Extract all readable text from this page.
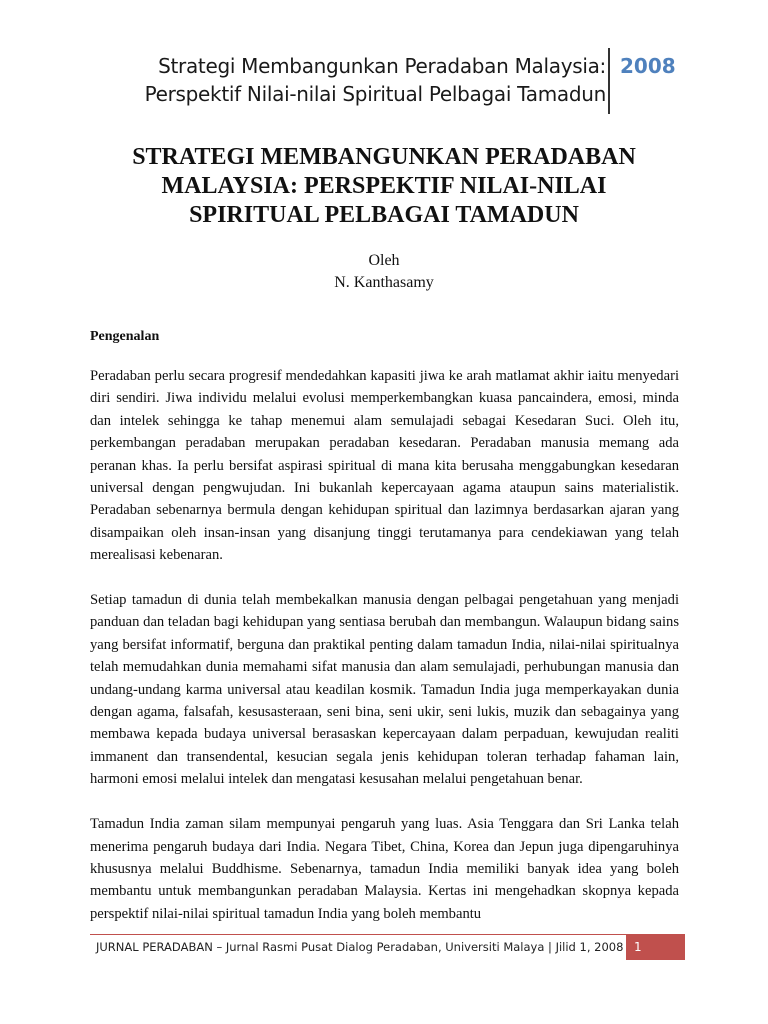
Strategi Membangunkan Peradaban Malaysia:
Perspektif Nilai-nilai Spiritual Pelbagai Tamadun
2008
STRATEGI MEMBANGUNKAN PERADABAN
MALAYSIA: PERSPEKTIF NILAI-NILAI
SPIRITUAL PELBAGAI TAMADUN
Oleh
N. Kanthasamy
Pengenalan

Peradaban perlu secara progresif mendedahkan kapasiti jiwa ke arah matlamat akhir iaitu menyedari diri sendiri. Jiwa individu melalui evolusi memperkembangkan kuasa pancaindera, emosi, minda dan intelek sehingga ke tahap menemui alam semulajadi sebagai Kesedaran Suci. Oleh itu, perkembangan peradaban merupakan peradaban kesedaran. Peradaban manusia memang ada peranan khas. Ia perlu bersifat aspirasi spiritual di mana kita berusaha menggabungkan kesedaran universal dengan pengwujudan. Ini bukanlah kepercayaan agama ataupun sains materialistik. Peradaban sebenarnya bermula dengan kehidupan spiritual dan lazimnya berdasarkan ajaran yang disampaikan oleh insan-insan yang disanjung tinggi terutamanya para cendekiawan yang telah merealisasi kebenaran.

Setiap tamadun di dunia telah membekalkan manusia dengan pelbagai pengetahuan yang menjadi panduan dan teladan bagi kehidupan yang sentiasa berubah dan membangun. Walaupun bidang sains yang bersifat informatif, berguna dan praktikal penting dalam tamadun India, nilai-nilai spiritualnya telah memudahkan dunia memahami sifat manusia dan alam semulajadi, perhubungan manusia dan undang-undang karma universal atau keadilan kosmik. Tamadun India juga memperkayakan dunia dengan agama, falsafah, kesusasteraan, seni bina, seni ukir, seni lukis, muzik dan sebagainya yang membawa kepada budaya universal berasaskan kepercayaan dalam perpaduan, kewujudan realiti immanent dan transendental, kesucian segala jenis kehidupan toleran terhadap fahaman lain, harmoni emosi melalui intelek dan mengatasi kesusahan melalui pengetahuan benar.

Tamadun India zaman silam mempunyai pengaruh yang luas. Asia Tenggara dan Sri Lanka telah menerima pengaruh budaya dari India. Negara Tibet, China, Korea dan Jepun juga dipengaruhinya khususnya melalui Buddhisme. Sebenarnya, tamadun India memiliki banyak idea yang boleh membantu untuk membangunkan peradaban Malaysia. Kertas ini mengehadkan skopnya kepada perspektif nilai-nilai spiritual tamadun India yang boleh membantu

JURNAL PERADABAN – Jurnal Rasmi Pusat Dialog Peradaban, Universiti Malaya | Jilid 1, 2008 1
